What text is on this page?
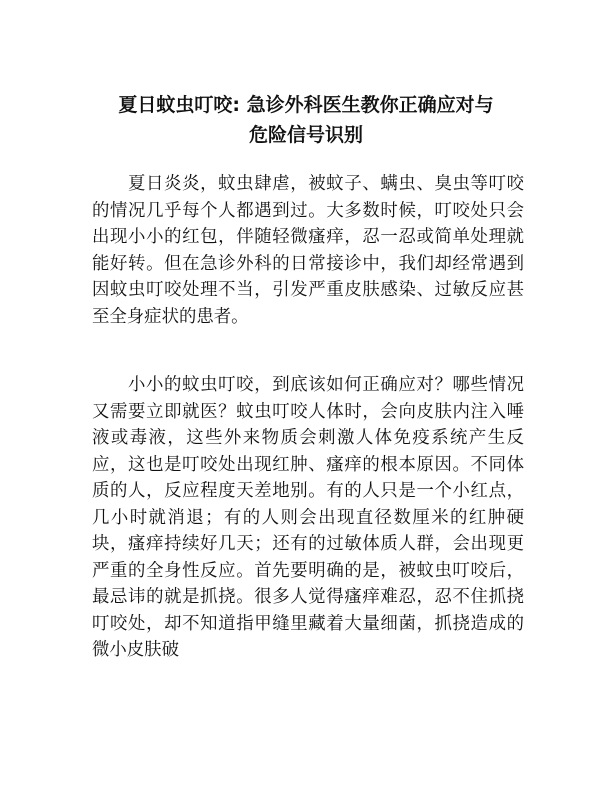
夏日蚊虫叮咬: 急诊外科医生教你正确应对与
危险信号识别

夏日炎炎，蚊虫肆虐，被蚊子、螨虫、臭虫等叮咬的情况几乎每个人都遇到过。大多数时候，叮咬处只会出现小小的红包，伴随轻微瘙痒，忍一忍或简单处理就能好转。但在急诊外科的日常接诊中，我们却经常遇到因蚊虫叮咬处理不当，引发严重皮肤感染、过敏反应甚至全身症状的患者。

小小的蚊虫叮咬，到底该如何正确应对？哪些情况又需要立即就医？蚊虫叮咬人体时，会向皮肤内注入唾液或毒液，这些外来物质会刺激人体免疫系统产生反应，这也是叮咬处出现红肿、瘙痒的根本原因。不同体质的人，反应程度天差地别。有的人只是一个小红点，几小时就消退；有的人则会出现直径数厘米的红肿硬块，瘙痒持续好几天；还有的过敏体质人群，会出现更严重的全身性反应。首先要明确的是，被蚊虫叮咬后，最忌讳的就是抓挠。很多人觉得瘙痒难忍，忍不住抓挠叮咬处，却不知道指甲缝里藏着大量细菌，抓挠造成的微小皮肤破
